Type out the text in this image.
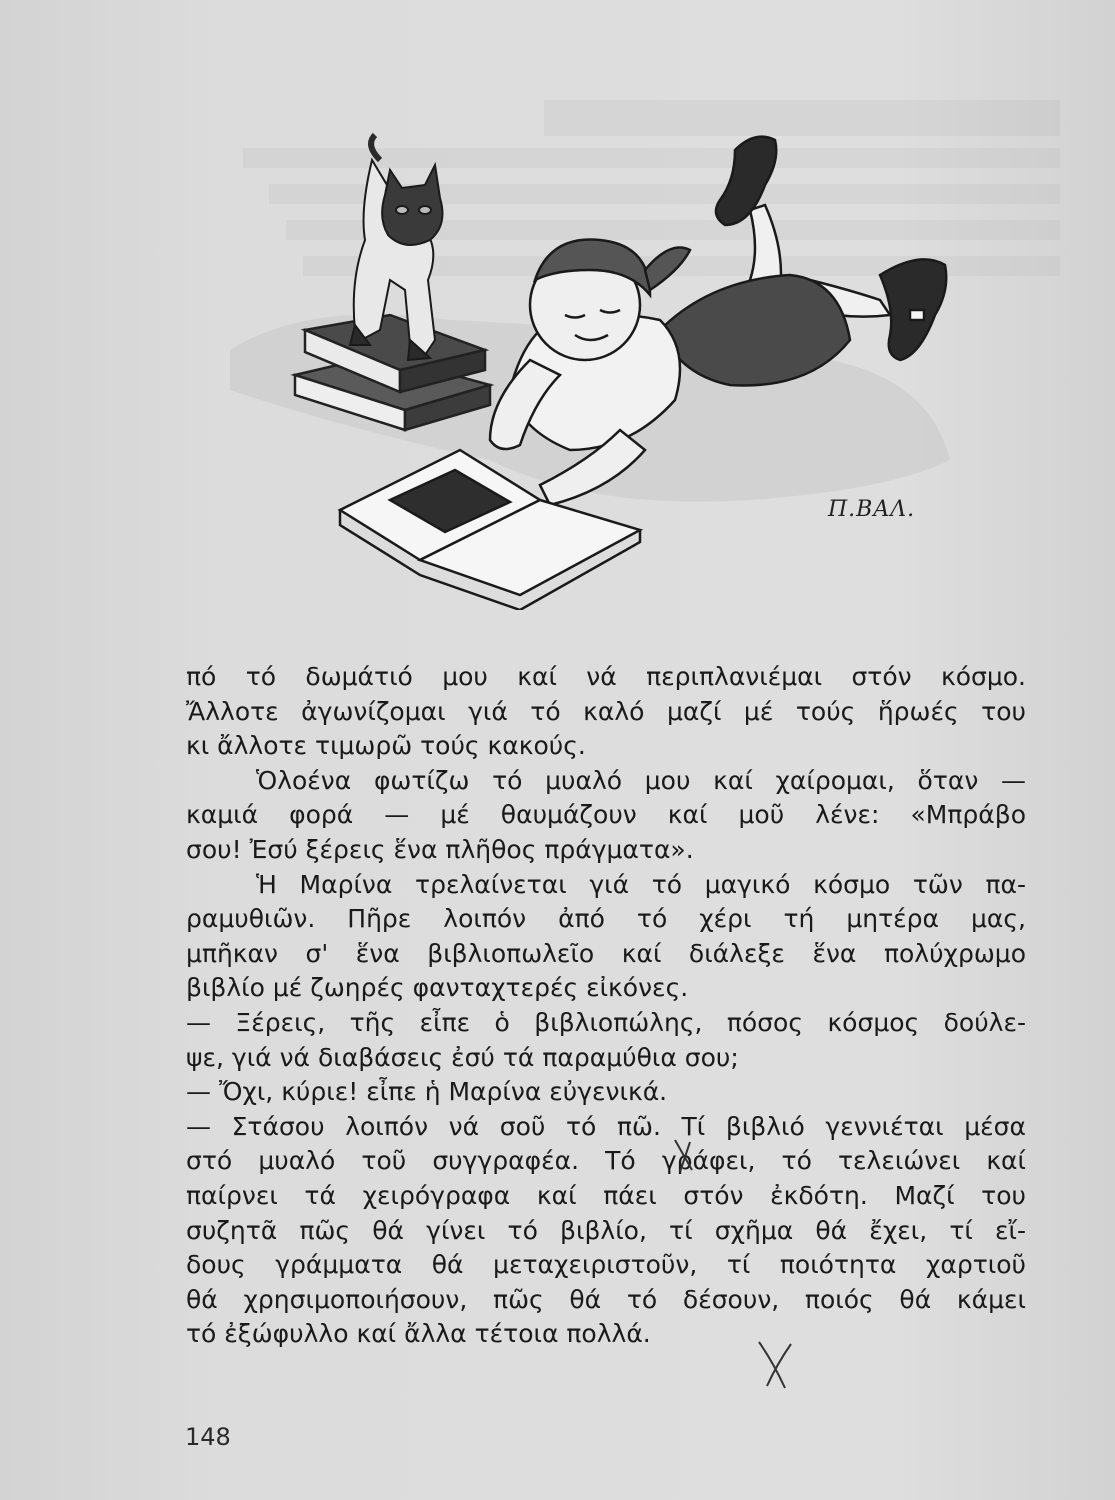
Π.ΒΑΛ.
πό τό δωμάτιό μου καί νά περιπλανιέμαι στόν κόσμο.
Ἄλλοτε ἀγωνίζομαι γιά τό καλό μαζί μέ τούς ἥρωές του
κι ἄλλοτε τιμωρῶ τούς κακούς.
Ὁλοένα φωτίζω τό μυαλό μου καί χαίρομαι, ὅταν —
καμιά φορά — μέ θαυμάζουν καί μοῦ λένε: «Μπράβο
σου! Ἐσύ ξέρεις ἕνα πλῆθος πράγματα».
Ἡ Μαρίνα τρελαίνεται γιά τό μαγικό κόσμο τῶν πα-
ραμυθιῶν. Πῆρε λοιπόν ἀπό τό χέρι τή μητέρα μας,
μπῆκαν σ' ἕνα βιβλιοπωλεῖο καί διάλεξε ἕνα πολύχρωμο
βιβλίο μέ ζωηρές φανταχτερές εἰκόνες.
— Ξέρεις, τῆς εἶπε ὁ βιβλιοπώλης, πόσος κόσμος δούλε-
ψε, γιά νά διαβάσεις ἐσύ τά παραμύθια σου;
— Ὄχι, κύριε! εἶπε ἡ Μαρίνα εὐγενικά.
— Στάσου λοιπόν νά σοῦ τό πῶ. Τί βιβλιό γεννιέται μέσα
στό μυαλό τοῦ συγγραφέα. Τό γράφει, τό τελειώνει καί
παίρνει τά χειρόγραφα καί πάει στόν ἐκδότη. Μαζί του
συζητᾶ πῶς θά γίνει τό βιβλίο, τί σχῆμα θά ἔχει, τί εἴ-
δους γράμματα θά μεταχειριστοῦν, τί ποιότητα χαρτιοῦ
θά χρησιμοποιήσουν, πῶς θά τό δέσουν, ποιός θά κάμει
τό ἐξώφυλλο καί ἄλλα τέτοια πολλά.
148
